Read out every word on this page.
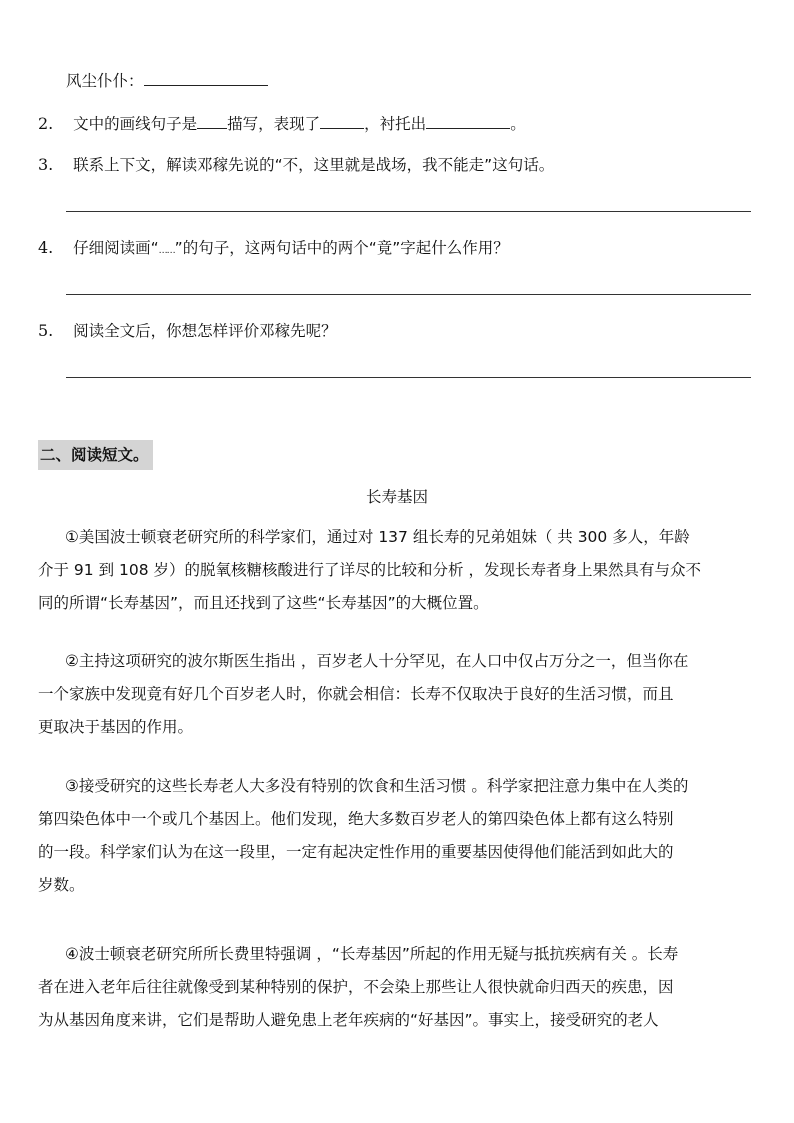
风尘仆仆：
2. 文中的画线句子是 描写，表现了	，衬托出	。
3. 联系上下文，解读邓稼先说的“不，这里就是战场，我不能走”这句话。
4. 仔细阅读画“……”的句子，这两句话中的两个“竟”字起什么作用？
5. 阅读全文后，你想怎样评价邓稼先呢？
二、阅读短文。
长寿基因
①美国波士顿衰老研究所的科学家们，通过对 137 组长寿的兄弟姐妹（ 共 300 多人，年龄
介于 91 到 108 岁）的脱氧核糖核酸进行了详尽的比较和分析 ，发现长寿者身上果然具有与众不
同的所谓“长寿基因”，而且还找到了这些“长寿基因”的大概位置。
②主持这项研究的波尔斯医生指出 ，百岁老人十分罕见，在人口中仅占万分之一，但当你在
一个家族中发现竟有好几个百岁老人时，你就会相信：长寿不仅取决于良好的生活习惯，而且
更取决于基因的作用。
③接受研究的这些长寿老人大多没有特别的饮食和生活习惯 。科学家把注意力集中在人类的
第四染色体中一个或几个基因上。他们发现，绝大多数百岁老人的第四染色体上都有这么特别
的一段。科学家们认为在这一段里，一定有起决定性作用的重要基因使得他们能活到如此大的
岁数。
④波士顿衰老研究所所长费里特强调 ，“长寿基因”所起的作用无疑与抵抗疾病有关 。长寿
者在进入老年后往往就像受到某种特别的保护，不会染上那些让人很快就命归西天的疾患，因
为从基因角度来讲，它们是帮助人避免患上老年疾病的“好基因”。事实上，接受研究的老人
